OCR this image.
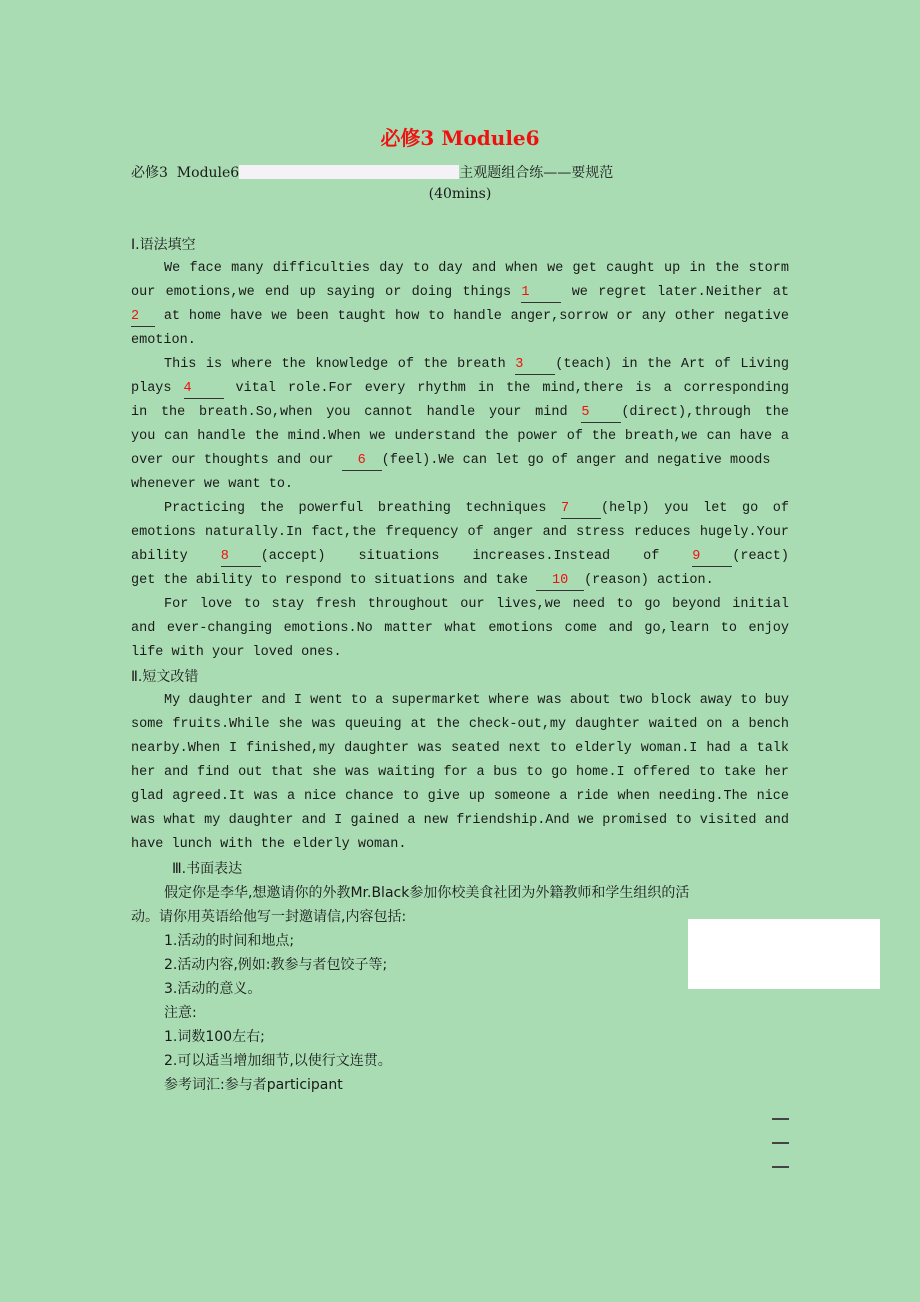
必修3 Module6
必修3  Module6	主观题组合练——要规范
(40mins)
Ⅰ.语法填空
We face many difficulties day to day and when we get caught up in the storm
our emotions,we end up saying or doing things 1	we regret later.Neither at
2 at home have we been taught how to handle anger,sorrow or any other negative
emotion.
This is where the knowledge of the breath 3 (teach) in the Art of Living
plays 4	vital role.For every rhythm in the mind,there is a corresponding
in the breath.So,when you cannot handle your mind 5 (direct),through the
you can handle the mind.When we understand the power of the breath,we can have a
over our thoughts and our 6 (feel).We can let go of anger and negative moods
whenever we want to.
Practicing the powerful breathing techniques 7 (help) you let go of
emotions naturally.In fact,the frequency of anger and stress reduces hugely.Your
ability 8 (accept) situations increases.Instead of 9 (react)
get the ability to respond to situations and take 10 (reason) action.
For love to stay fresh throughout our lives,we need to go beyond initial
and ever-changing emotions.No matter what emotions come and go,learn to enjoy
life with your loved ones.
Ⅱ.短文改错
My daughter and I went to a supermarket where was about two block away to buy
some fruits.While she was queuing at the check-out,my daughter waited on a bench
nearby.When I finished,my daughter was seated next to elderly woman.I had a talk
her and find out that she was waiting for a bus to go home.I offered to take her
glad agreed.It was a nice chance to give up someone a ride when needing.The nice
was what my daughter and I gained a new friendship.And we promised to visited and
have lunch with the elderly woman.
Ⅲ.书面表达
假定你是李华,想邀请你的外教Mr.Black参加你校美食社团为外籍教师和学生组织的活
动。请你用英语给他写一封邀请信,内容包括:
1.活动的时间和地点;
2.活动内容,例如:教参与者包饺子等;
3.活动的意义。
注意:
1.词数100左右;
2.可以适当增加细节,以使行文连贯。
参考词汇:参与者participant
